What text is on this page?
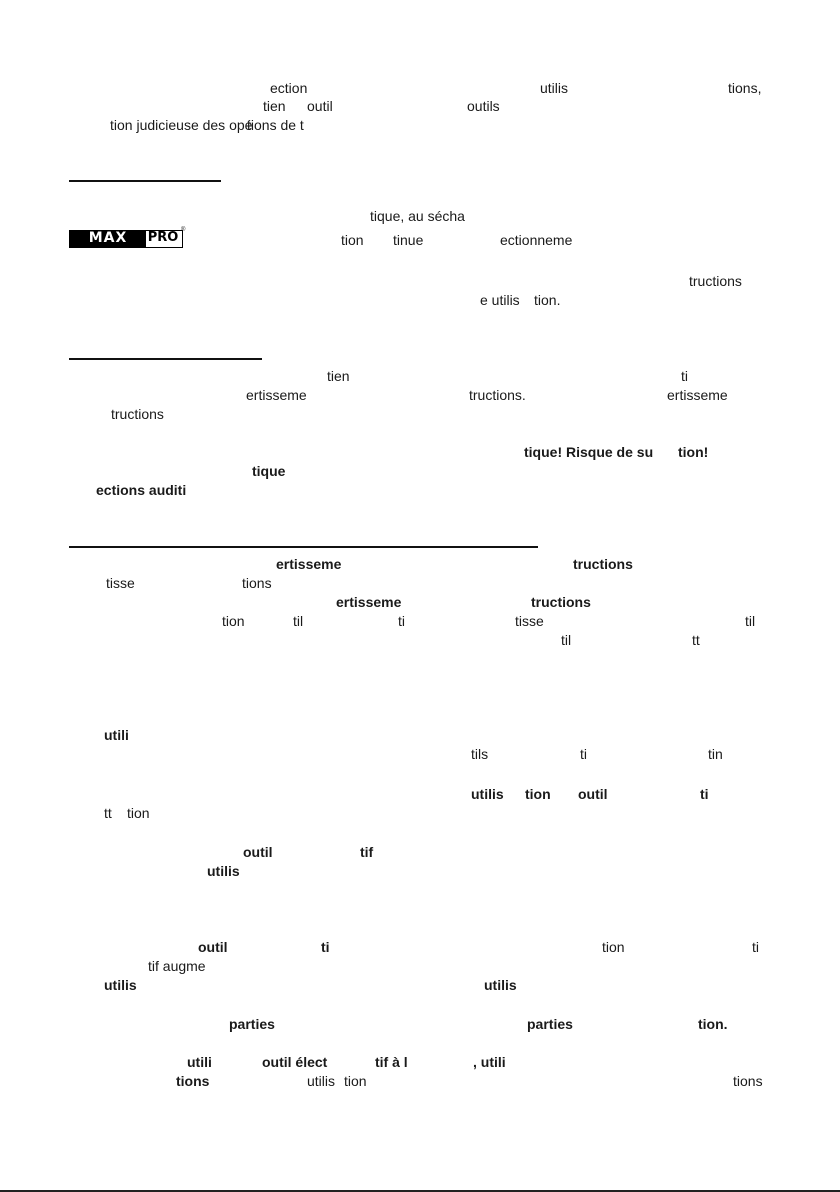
ection	utilis	tions,
tien outil	outils
tion judicieuse des opé
tions de t
tique, au sécha
MAX	PRO ®
tion tinue	ectionneme
tructions
e utilis tion.
tien	ti
ertisseme	tructions.	ertisseme
tructions
tique! Risque de su tion!
tique
ections auditi
ertisseme	tructions
tisse	tions
ertisseme	tructions
tion	til	ti	tisse	til
til	tt
utili
tils	ti	tin
utilis tion outil	ti
tt tion
outil	tif
utilis
outil	ti	tion	ti
tif augme
utilis	utilis
parties	parties	tion.
utili	outil élect	tif à l	, utili
tions	utilis tion	tions
